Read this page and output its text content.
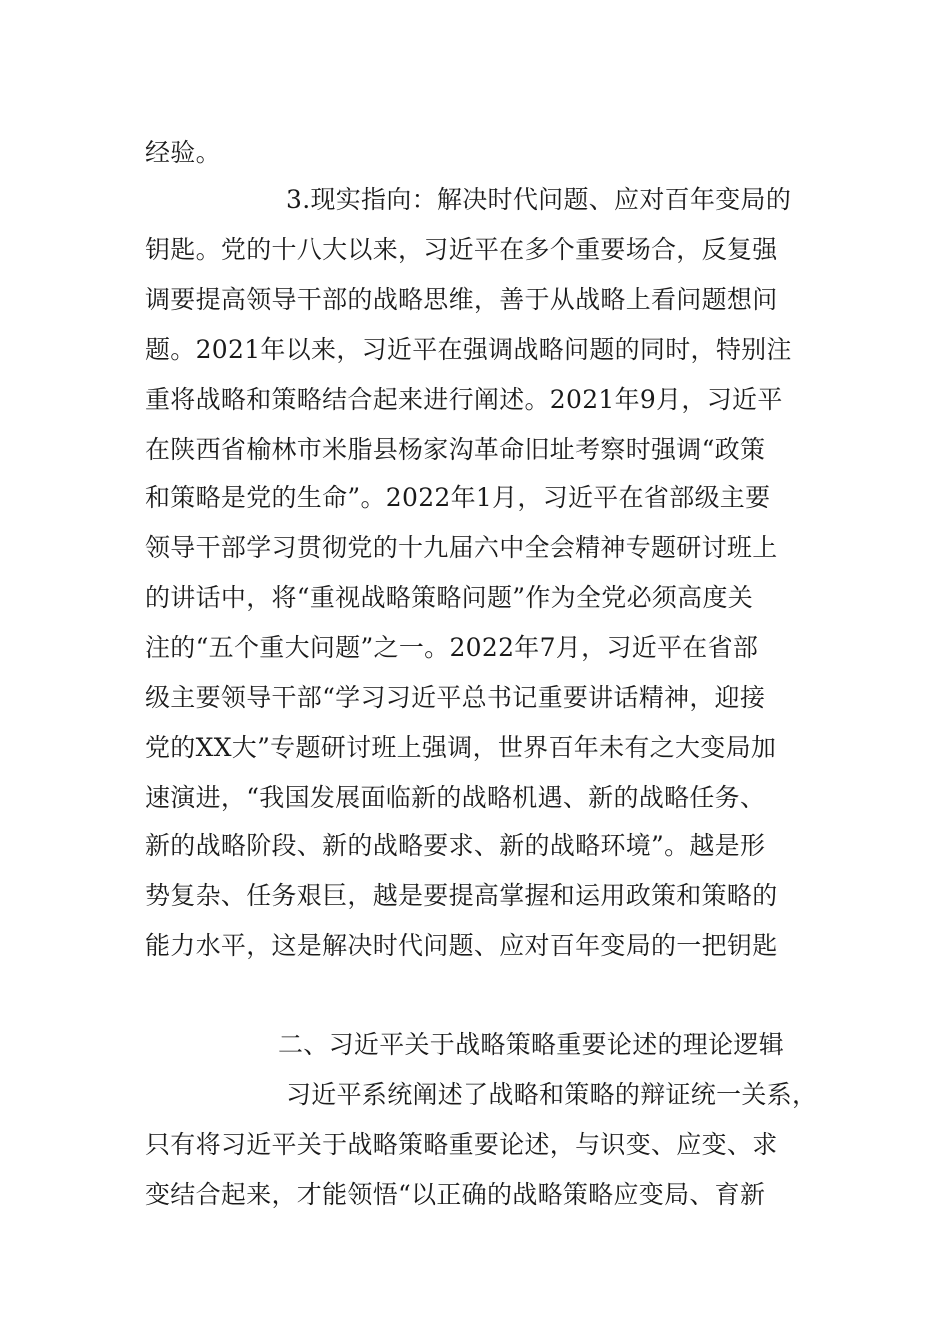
经验。

3.现实指向：解决时代问题、应对百年变局的

钥匙。党的十八大以来，习近平在多个重要场合，反复强

调要提高领导干部的战略思维，善于从战略上看问题想问

题。2021年以来，习近平在强调战略问题的同时，特别注

重将战略和策略结合起来进行阐述。2021年9月，习近平

在陕西省榆林市米脂县杨家沟革命旧址考察时强调“政策

和策略是党的生命”。2022年1月，习近平在省部级主要

领导干部学习贯彻党的十九届六中全会精神专题研讨班上

的讲话中，将“重视战略策略问题”作为全党必须高度关

注的“五个重大问题”之一。2022年7月，习近平在省部

级主要领导干部“学习习近平总书记重要讲话精神，迎接

党的XX大”专题研讨班上强调，世界百年未有之大变局加

速演进，“我国发展面临新的战略机遇、新的战略任务、

新的战略阶段、新的战略要求、新的战略环境”。越是形

势复杂、任务艰巨，越是要提高掌握和运用政策和策略的

能力水平，这是解决时代问题、应对百年变局的一把钥匙

二、习近平关于战略策略重要论述的理论逻辑

习近平系统阐述了战略和策略的辩证统一关系，

只有将习近平关于战略策略重要论述，与识变、应变、求

变结合起来，才能领悟“以正确的战略策略应变局、育新
